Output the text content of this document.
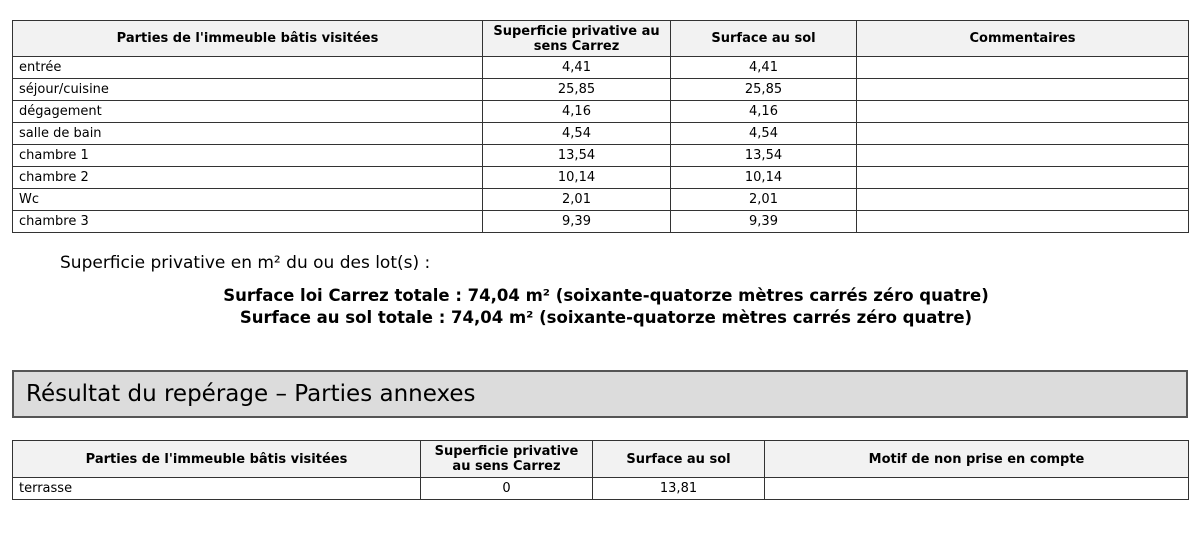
Parties de l'immeuble bâtis visitées	Superficie privative au sens Carrez	Surface au sol	Commentaires
entrée	4,41	4,41	
séjour/cuisine	25,85	25,85	
dégagement	4,16	4,16	
salle de bain	4,54	4,54	
chambre 1	13,54	13,54	
chambre 2	10,14	10,14	
Wc	2,01	2,01	
chambre 3	9,39	9,39	
Superficie privative en m² du ou des lot(s) :
Surface loi Carrez totale : 74,04 m² (soixante-quatorze mètres carrés zéro quatre)
Surface au sol totale : 74,04 m² (soixante-quatorze mètres carrés zéro quatre)
Résultat du repérage – Parties annexes
Parties de l'immeuble bâtis visitées	Superficie privative au sens Carrez	Surface au sol	Motif de non prise en compte
terrasse	0	13,81	
